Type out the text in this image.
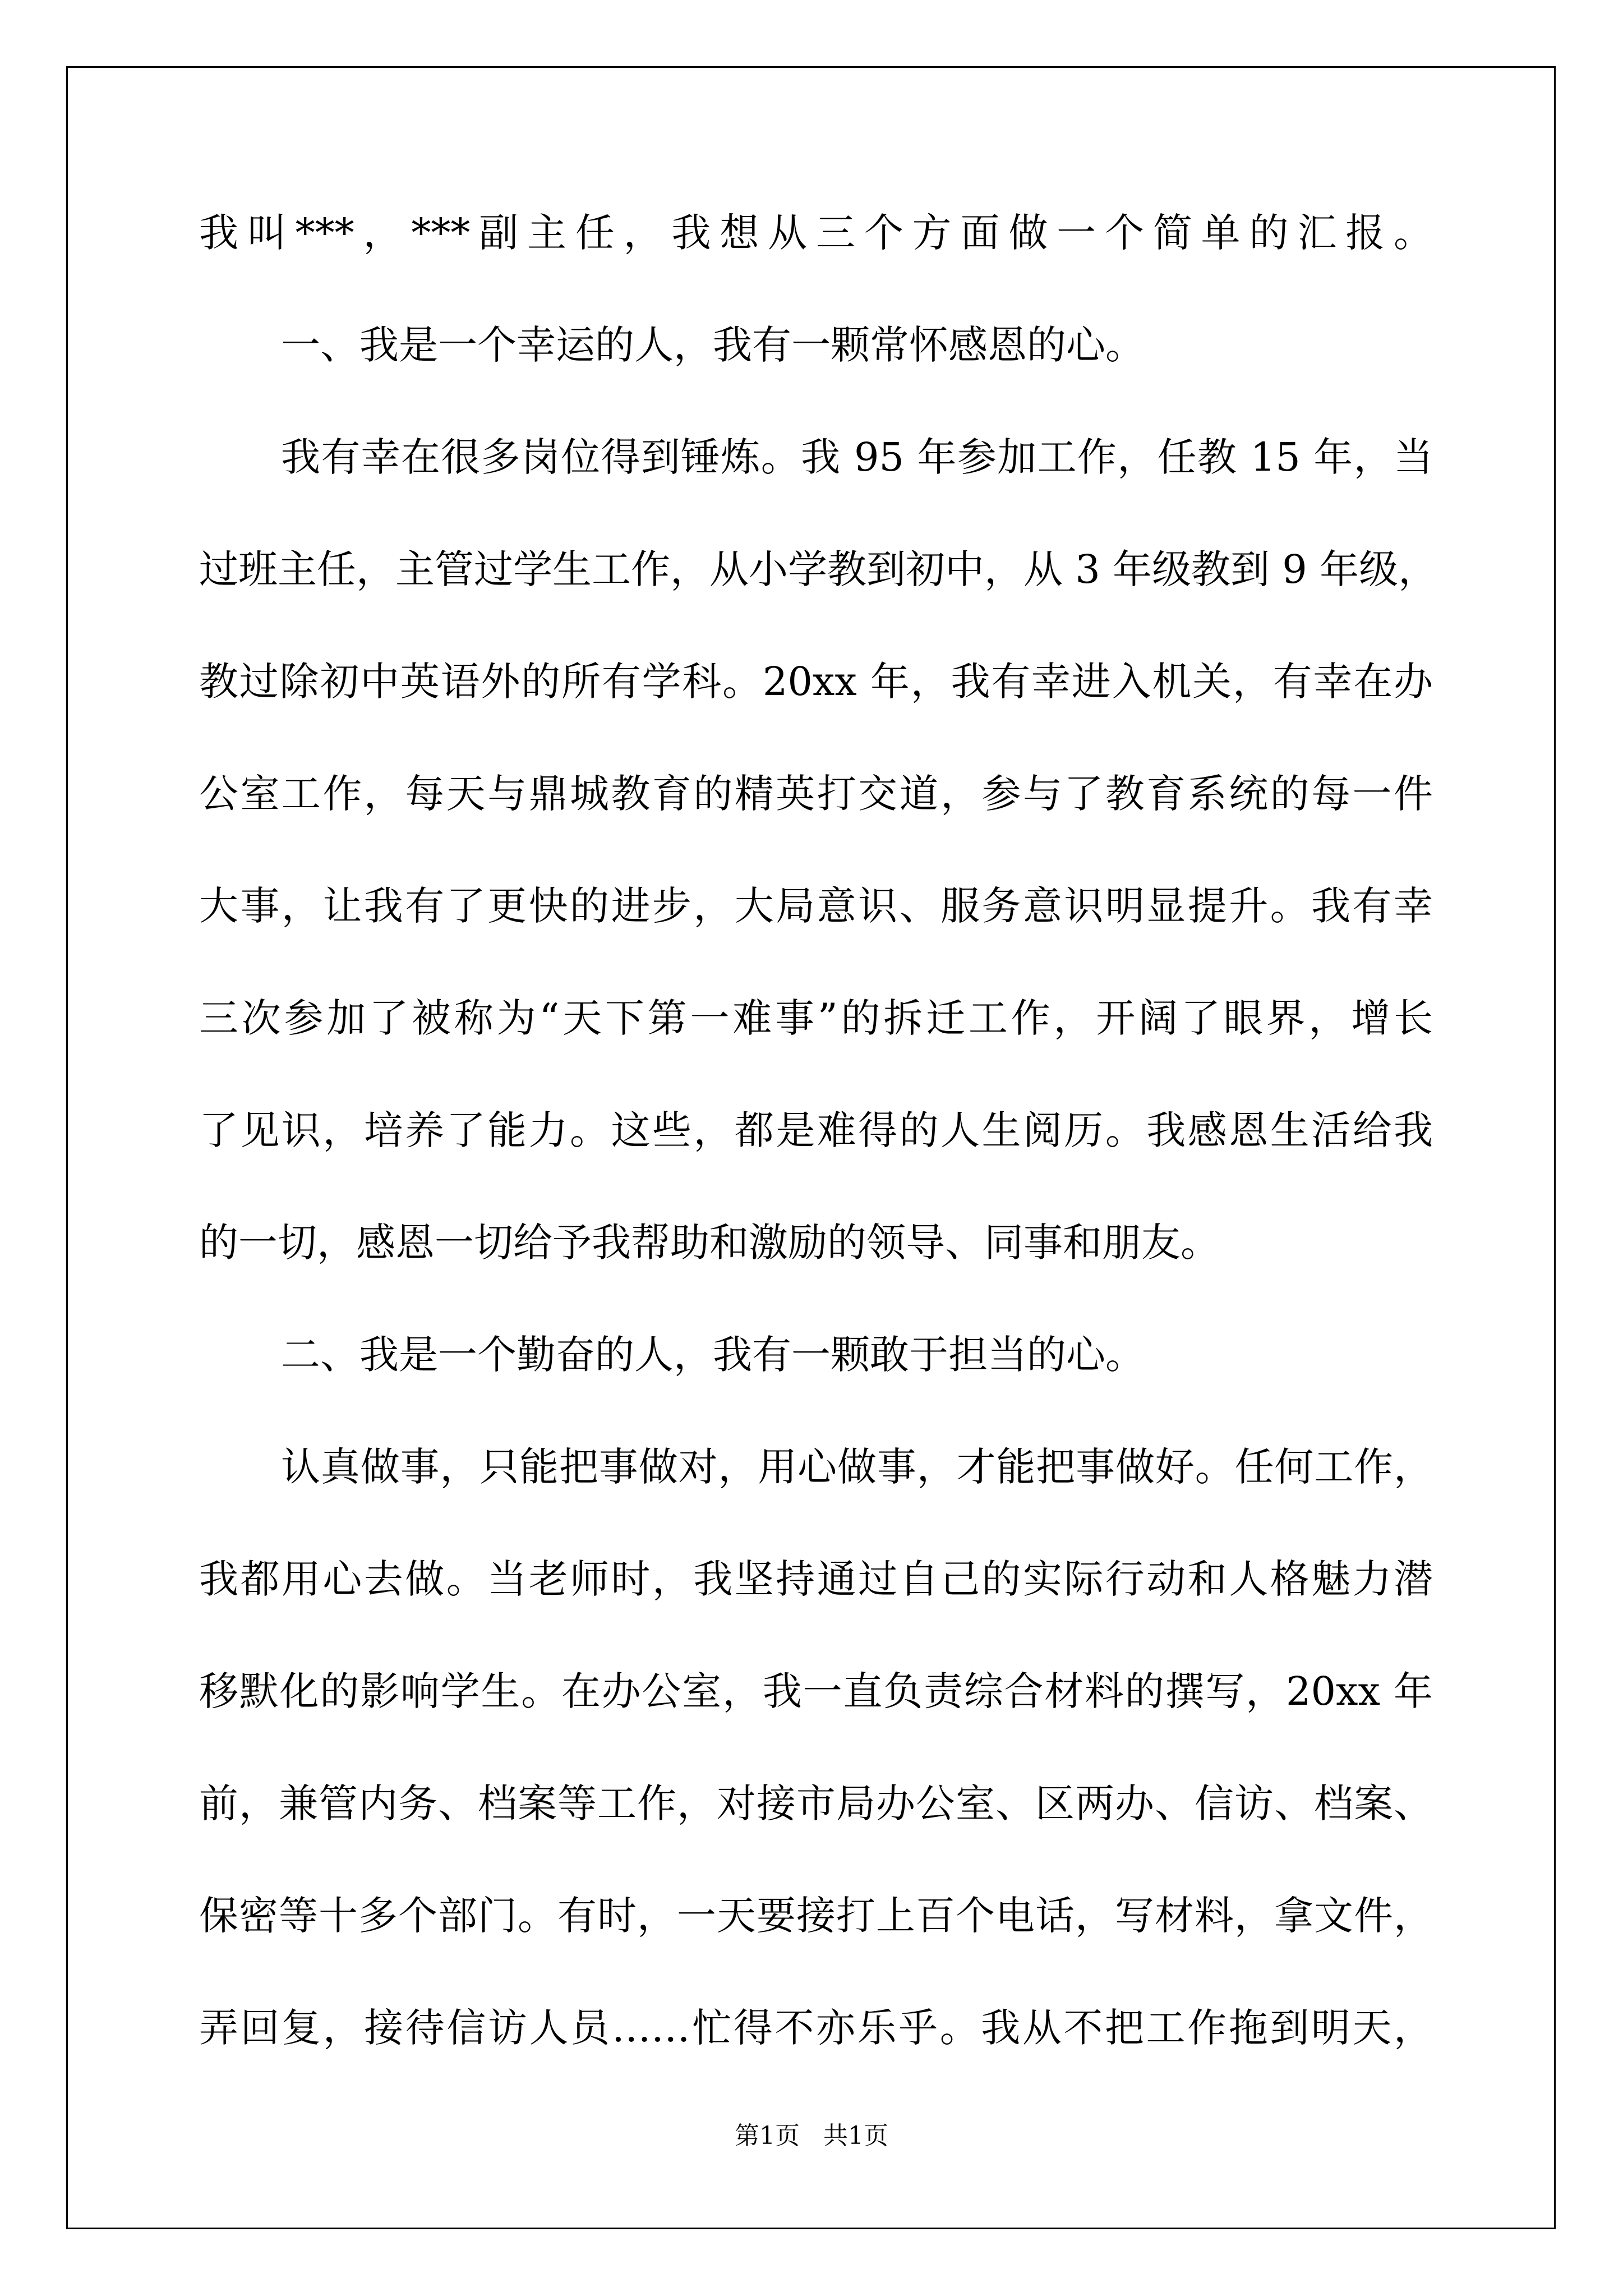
我叫***，***副主任，我想从三个方面做一个简单的汇报。
一、我是一个幸运的人，我有一颗常怀感恩的心。
我有幸在很多岗位得到锤炼。我 95 年参加工作，任教 15 年，当
过班主任，主管过学生工作，从小学教到初中，从 3 年级教到 9 年级，
教过除初中英语外的所有学科。20xx 年，我有幸进入机关，有幸在办
公室工作，每天与鼎城教育的精英打交道，参与了教育系统的每一件
大事，让我有了更快的进步，大局意识、服务意识明显提升。我有幸
三次参加了被称为“天下第一难事”的拆迁工作，开阔了眼界，增长
了见识，培养了能力。这些，都是难得的人生阅历。我感恩生活给我
的一切，感恩一切给予我帮助和激励的领导、同事和朋友。
二、我是一个勤奋的人，我有一颗敢于担当的心。
认真做事，只能把事做对，用心做事，才能把事做好。任何工作，
我都用心去做。当老师时，我坚持通过自己的实际行动和人格魅力潜
移默化的影响学生。在办公室，我一直负责综合材料的撰写，20xx 年
前，兼管内务、档案等工作，对接市局办公室、区两办、信访、档案、
保密等十多个部门。有时，一天要接打上百个电话，写材料，拿文件，
弄回复，接待信访人员……忙得不亦乐乎。我从不把工作拖到明天，
第1页   共1页
